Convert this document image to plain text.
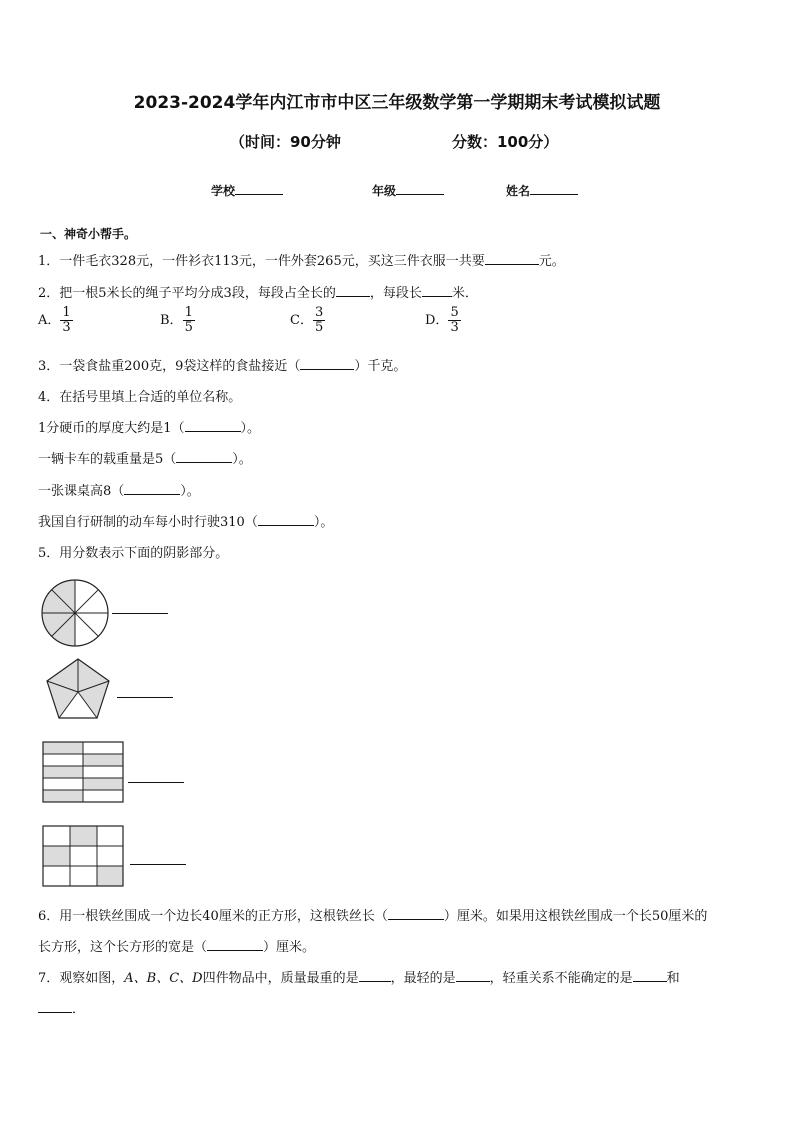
2023-2024学年内江市市中区三年级数学第一学期期末考试模拟试题
（时间：90分钟	分数：100分）
学校	年级	姓名
一、神奇小帮手。
1．一件毛衣328元，一件衫衣113元，一件外套265元，买这三件衣服一共要	元。
2．把一根5米长的绳子平均分成3段，每段占全长的	，每段长 米．
A． $\frac{1}{3}$	B． $\frac{1}{5}$	C． $\frac{3}{5}$	D． $\frac{5}{3}$
3．一袋食盐重200克，9袋这样的食盐接近（	）千克。
4．在括号里填上合适的单位名称。
1分硬币的厚度大约是1（	）。
一辆卡车的载重量是5（	）。
一张课桌高8（	）。
我国自行研制的动车每小时行驶310（	）。
5．用分数表示下面的阴影部分。
6．用一根铁丝围成一个边长40厘米的正方形，这根铁丝长（	）厘米。如果用这根铁丝围成一个长50厘米的
长方形，这个长方形的宽是（	）厘米。
7．观察如图，A、B、C、D四件物品中，质量最重的是 ，最轻的是	，轻重关系不能确定的是	和
．
